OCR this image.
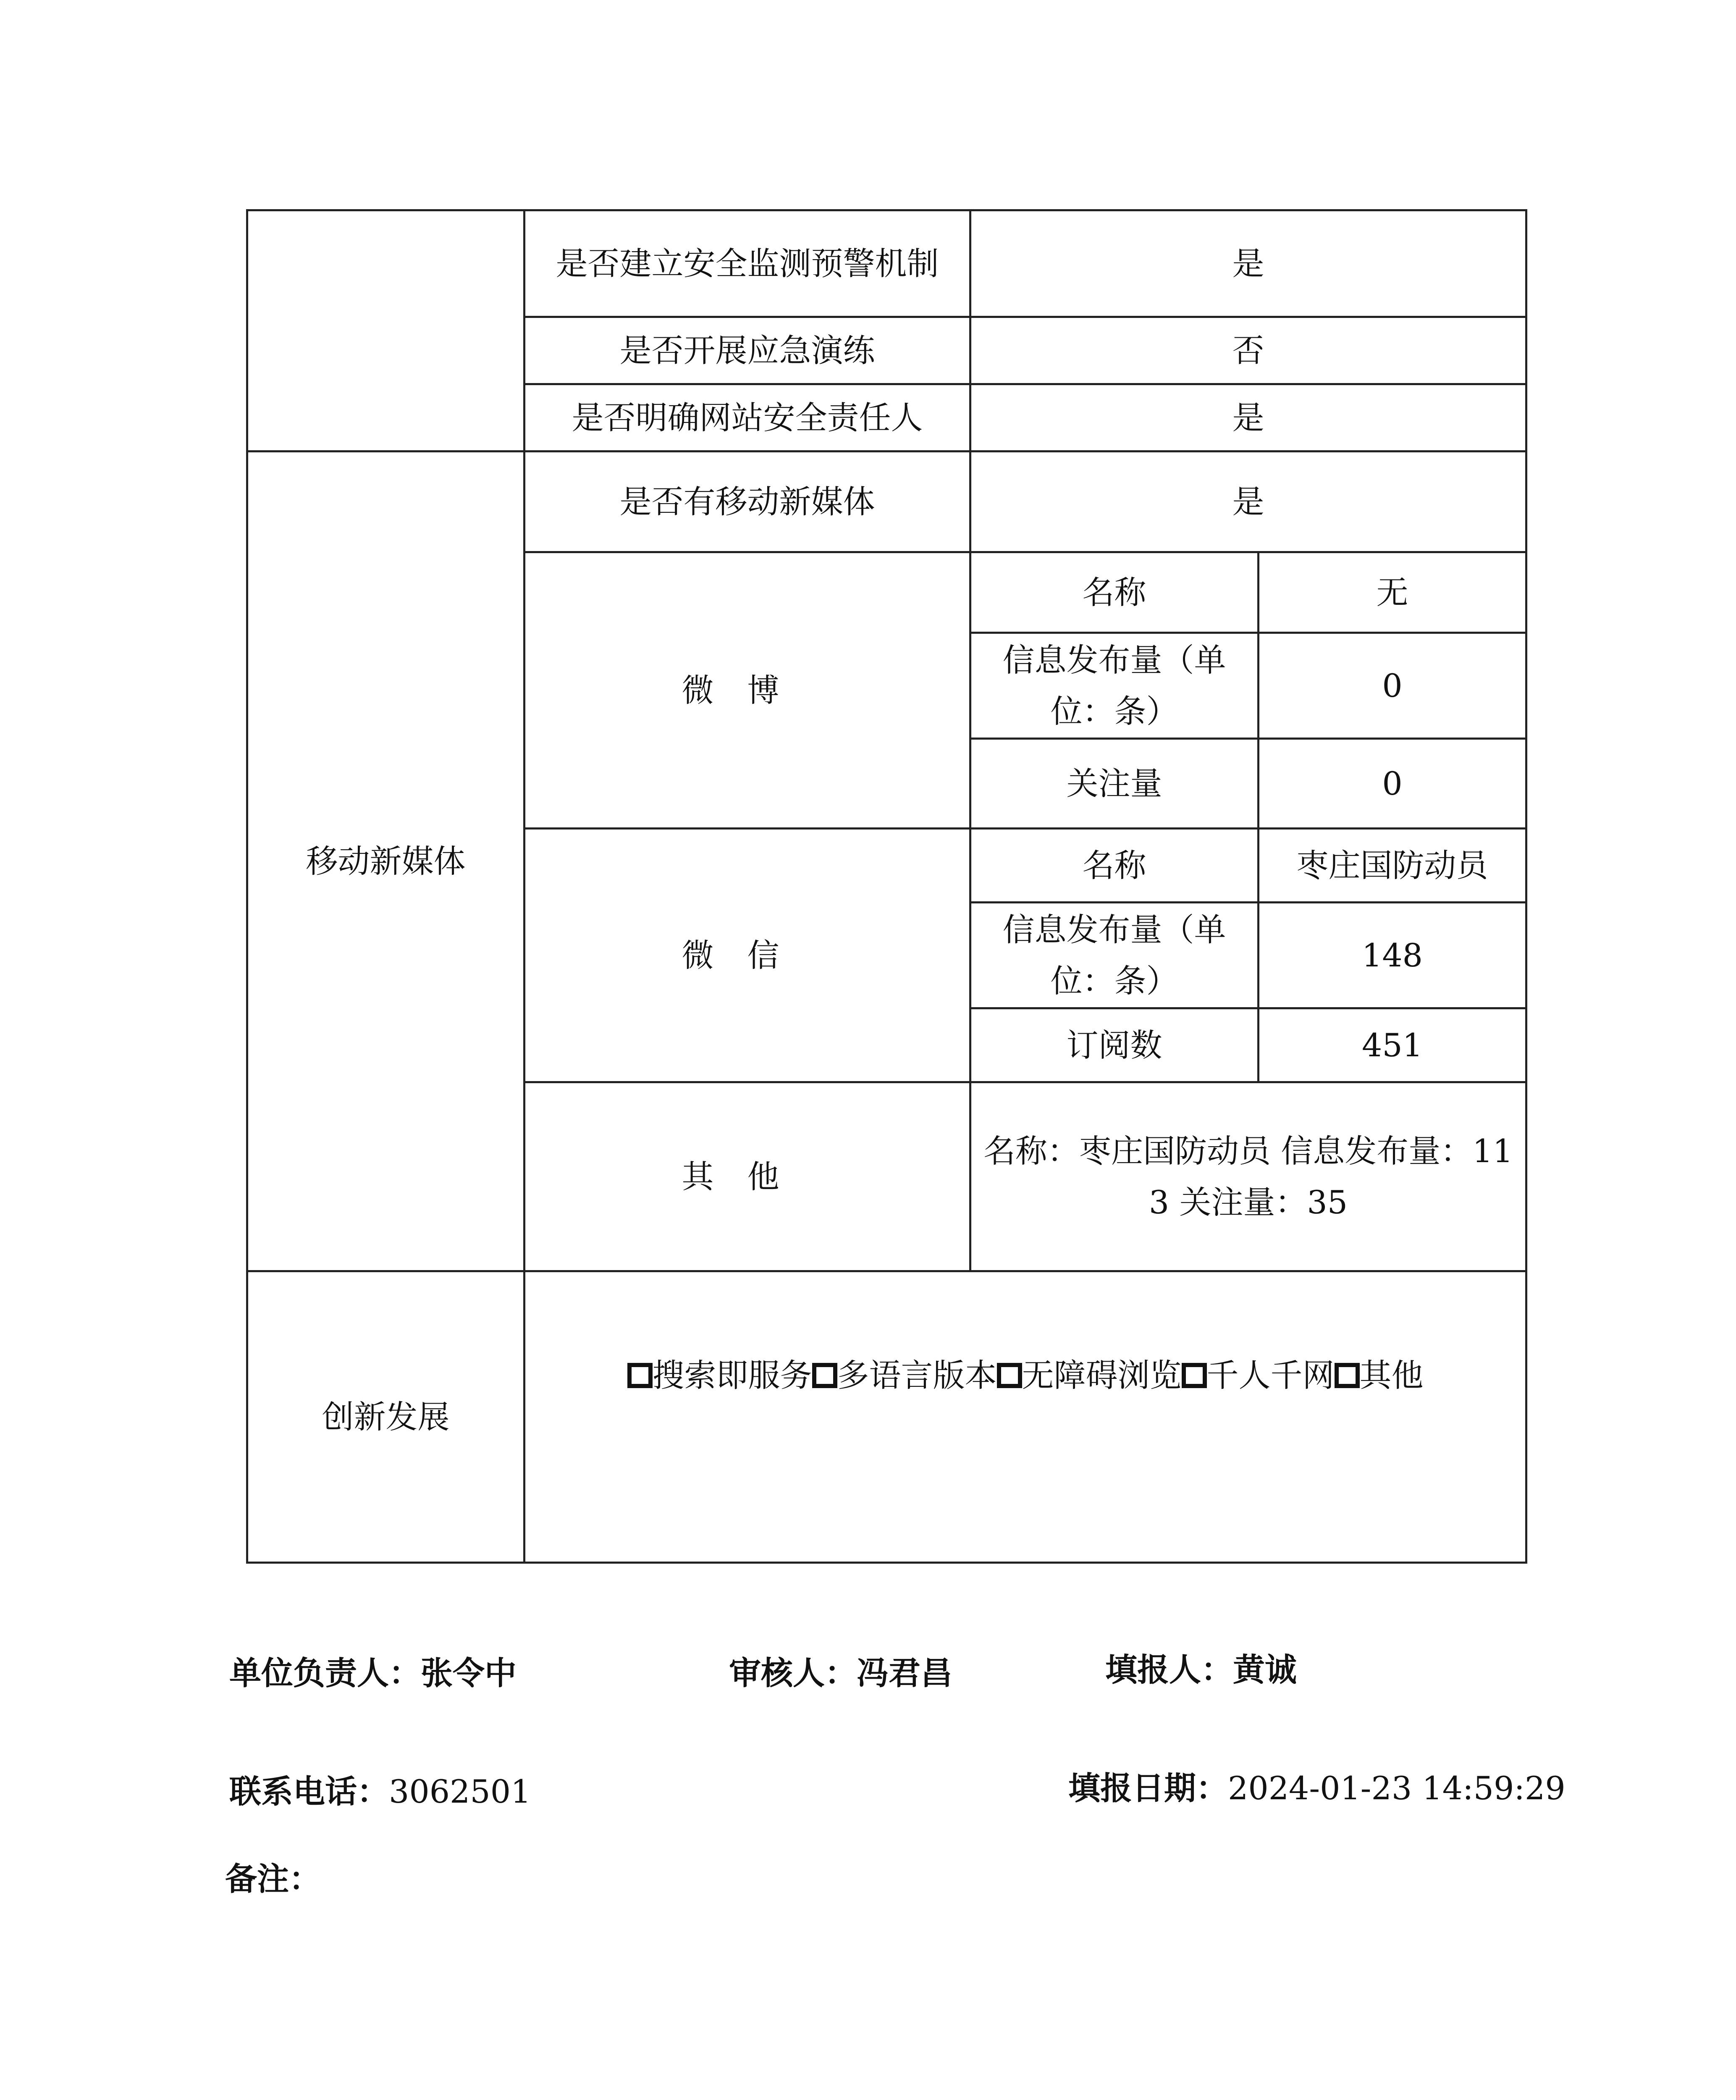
	是否建立安全监测预警机制	是	
	是否开展应急演练	否	
	是否明确网站安全责任人	是	
移动新媒体	是否有移动新媒体	是	
	微博	名称	无
		信息发布量（单位：条）	0
		关注量	0
	微信	名称	枣庄国防动员
		信息发布量（单位：条）	148
		订阅数	451
	其他	名称：枣庄国防动员 信息发布量：113 关注量：35	
创新发展	搜索即服务 多语言版本 无障碍浏览 千人千网 其他		
单位负责人：张令中	审核人：冯君昌	填报人：黄诚
联系电话：3062501	填报日期：2024-01-23 14:59:29
备注：
